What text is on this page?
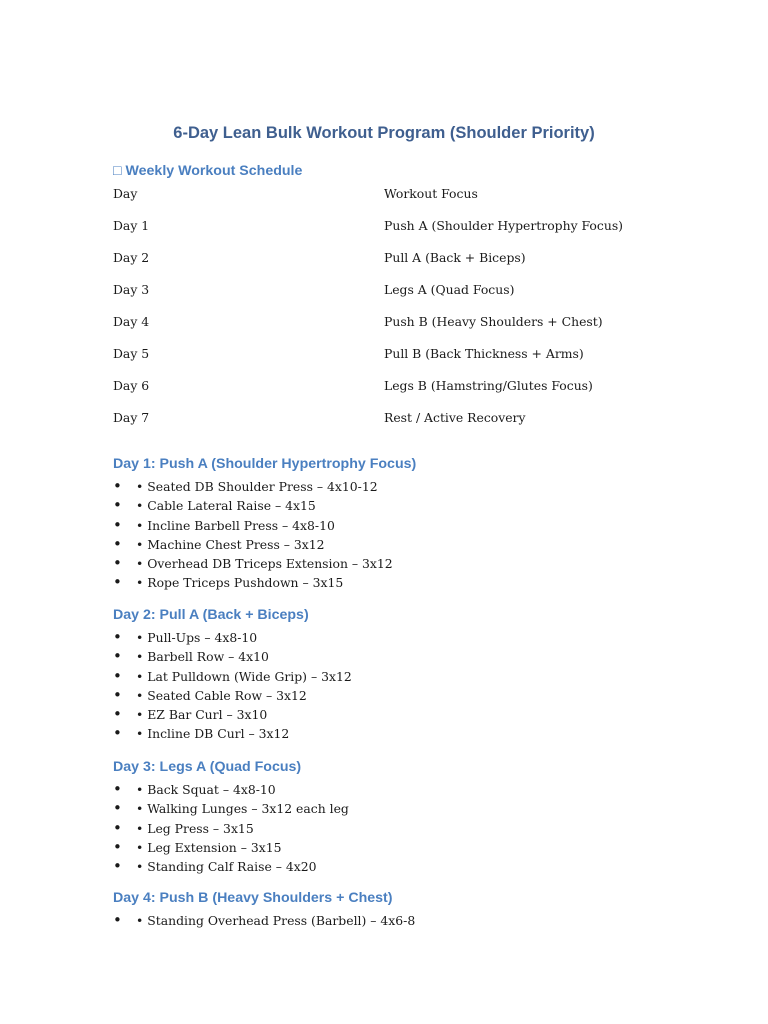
6-Day Lean Bulk Workout Program (Shoulder Priority)
□ Weekly Workout Schedule
Day	Workout Focus
Day 1	Push A (Shoulder Hypertrophy Focus)
Day 2	Pull A (Back + Biceps)
Day 3	Legs A (Quad Focus)
Day 4	Push B (Heavy Shoulders + Chest)
Day 5	Pull B (Back Thickness + Arms)
Day 6	Legs B (Hamstring/Glutes Focus)
Day 7	Rest / Active Recovery
Day 1: Push A (Shoulder Hypertrophy Focus)
• • Seated DB Shoulder Press – 4x10-12
• • Cable Lateral Raise – 4x15
• • Incline Barbell Press – 4x8-10
• • Machine Chest Press – 3x12
• • Overhead DB Triceps Extension – 3x12
• • Rope Triceps Pushdown – 3x15
Day 2: Pull A (Back + Biceps)
• • Pull-Ups – 4x8-10
• • Barbell Row – 4x10
• • Lat Pulldown (Wide Grip) – 3x12
• • Seated Cable Row – 3x12
• • EZ Bar Curl – 3x10
• • Incline DB Curl – 3x12
Day 3: Legs A (Quad Focus)
• • Back Squat – 4x8-10
• • Walking Lunges – 3x12 each leg
• • Leg Press – 3x15
• • Leg Extension – 3x15
• • Standing Calf Raise – 4x20
Day 4: Push B (Heavy Shoulders + Chest)
• • Standing Overhead Press (Barbell) – 4x6-8
